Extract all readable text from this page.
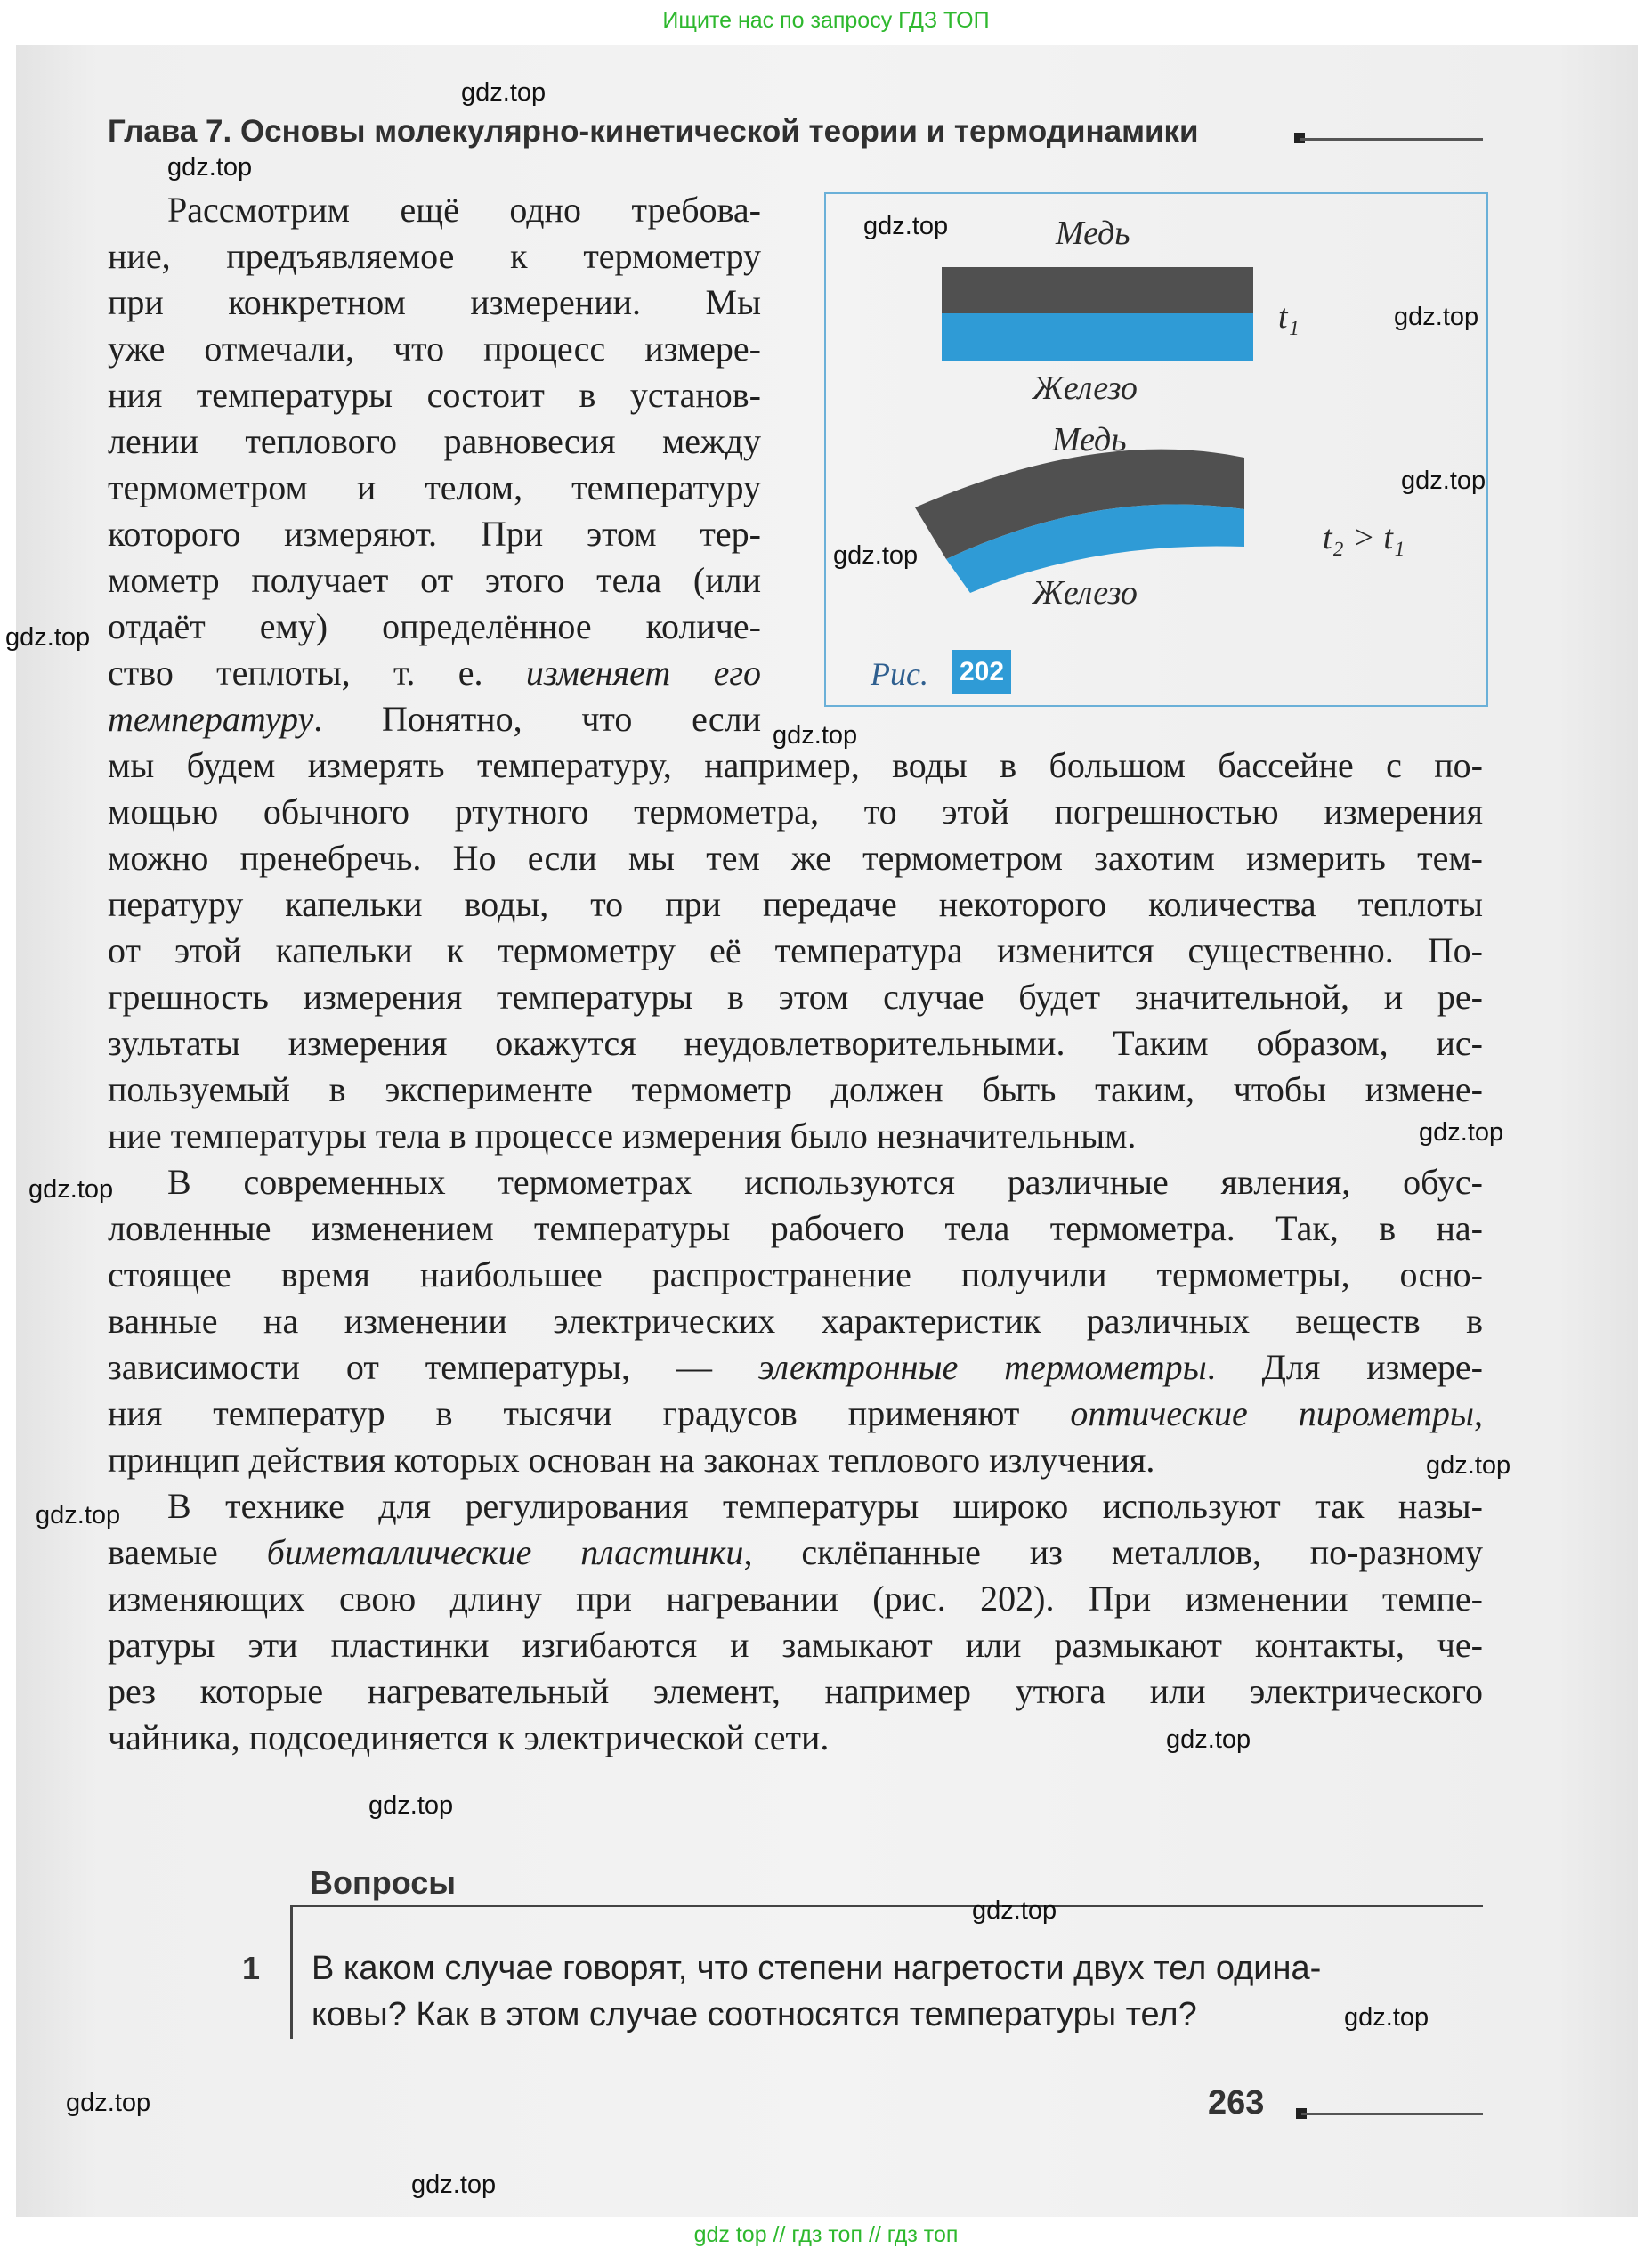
Ищите нас по запросу ГДЗ ТОП
Глава 7. Основы молекулярно-кинетической теории и термодинамики
Медь
t₁
Железо
Медь
t₂ > t₁
Железо
Рис. 202
Рассмотрим ещё одно требова-
ние, предъявляемое к термометру
при конкретном измерении. Мы
уже отмечали, что процесс измере-
ния температуры состоит в установ-
лении теплового равновесия между
термометром и телом, температуру
которого измеряют. При этом тер-
мометр получает от этого тела (или
отдаёт ему) определённое количе-
ство теплоты, т. е. изменяет его
температуру. Понятно, что если
мы будем измерять температуру, например, воды в большом бассейне с по-
мощью обычного ртутного термометра, то этой погрешностью измерения
можно пренебречь. Но если мы тем же термометром захотим измерить тем-
пературу капельки воды, то при передаче некоторого количества теплоты
от этой капельки к термометру её температура изменится существенно. По-
грешность измерения температуры в этом случае будет значительной, и ре-
зультаты измерения окажутся неудовлетворительными. Таким образом, ис-
пользуемый в эксперименте термометр должен быть таким, чтобы измене-
ние температуры тела в процессе измерения было незначительным.
В современных термометрах используются различные явления, обус-
ловленные изменением температуры рабочего тела термометра. Так, в на-
стоящее время наибольшее распространение получили термометры, осно-
ванные на изменении электрических характеристик различных веществ в
зависимости от температуры, — электронные термометры. Для измере-
ния температур в тысячи градусов применяют оптические пирометры,
принцип действия которых основан на законах теплового излучения.
В технике для регулирования температуры широко используют так назы-
ваемые биметаллические пластинки, склёпанные из металлов, по-разному
изменяющих свою длину при нагревании (рис. 202). При изменении темпе-
ратуры эти пластинки изгибаются и замыкают или размыкают контакты, че-
рез которые нагревательный элемент, например утюга или электрического
чайника, подсоединяется к электрической сети.
Вопросы
1 В каком случае говорят, что степени нагретости двух тел одина-
ковы? Как в этом случае соотносятся температуры тел?
263
gdz.top
gdz.top
gdz.top
gdz.top
gdz.top
gdz.top
gdz.top
gdz.top
gdz.top
gdz.top
gdz.top
gdz.top
gdz.top
gdz.top
gdz.top
gdz.top
gdz.top
gdz.top
gdz top // гдз топ // гдз топ
